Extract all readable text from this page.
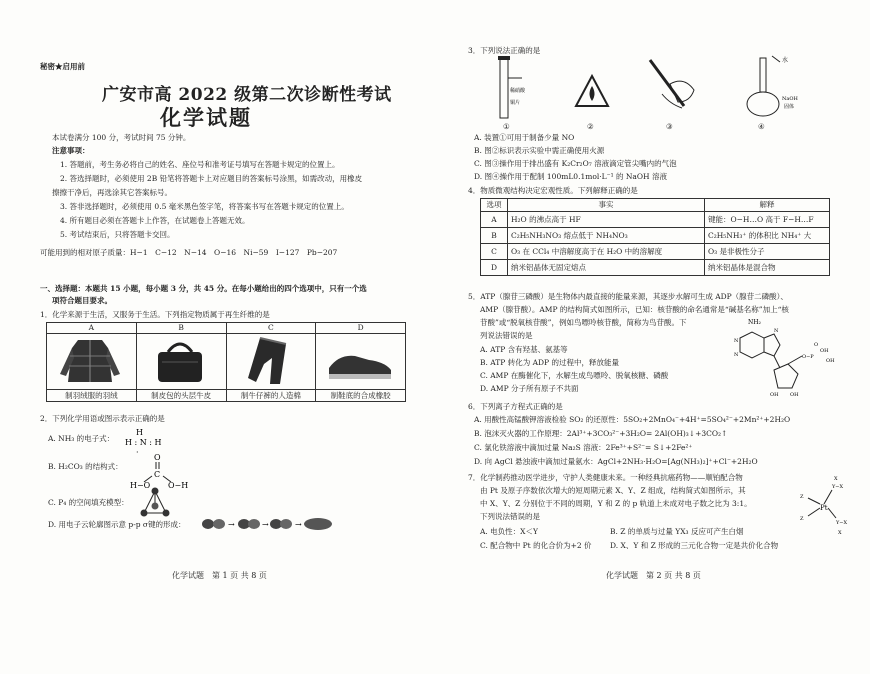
秘密★启用前
广安市高 2022 级第二次诊断性考试
化学试题
本试卷满分 100 分，考试时间 75 分钟。
注意事项：
1. 答题前，考生务必将自己的姓名、座位号和准考证号填写在答题卡规定的位置上。
2. 答选择题时，必须使用 2B 铅笔将答题卡上对应题目的答案标号涂黑，如需改动，用橡皮
擦擦干净后，再选涂其它答案标号。
3. 答非选择题时，必须使用 0.5 毫米黑色签字笔，将答案书写在答题卡规定的位置上。
4. 所有题目必须在答题卡上作答，在试题卷上答题无效。
5. 考试结束后，只将答题卡交回。
可能用到的相对原子质量：H−1　C−12　N−14　O−16　Ni−59　I−127　Pb−207
一、选择题：本题共 15 小题，每小题 3 分，共 45 分。在每小题给出的四个选项中，只有一个选
项符合题目要求。
1．化学来源于生活，又服务于生活。下列指定物质属于再生纤维的是
A	B	C	D

制羽绒服的羽绒	制皮包的头层牛皮	制牛仔裤的人造棉	制鞋底的合成橡胶
2．下列化学用语或图示表示正确的是
A. NH₃ 的电子式：
H
H : N : H
·
B. H₂CO₃ 的结构式：
O
C
H−O O−H
C. P₄ 的空间填充模型：
D. 用电子云轮廓图示意 p-p σ键的形成：	→	→	→
化学试题　第 1 页 共 8 页
3．下列说法正确的是
稀硝酸
铜片
①	②	③
水
NaOH
固体
④
A. 装置①可用于制备少量 NO
B. 图②标识表示实验中需正确使用火源
C. 图③操作用于排出盛有 K₂Cr₂O₇ 溶液滴定管尖嘴内的气泡
D. 图④操作用于配制 100mL0.1mol·L⁻¹ 的 NaOH 溶液
4．物质微观结构决定宏观性质。下列解释正确的是
选项	事实	解释
A	H₂O 的沸点高于 HF	键能：O−H…O 高于 F−H…F
B	C₂H₅NH₃NO₃ 熔点低于 NH₄NO₃	C₂H₅NH₃⁺ 的体积比 NH₄⁺ 大
C	O₃ 在 CCl₄ 中溶解度高于在 H₂O 中的溶解度	O₃ 是非极性分子
D	纳米铝晶体无固定熔点	纳米铝晶体是混合物
5．ATP（腺苷三磷酸）是生物体内最直接的能量来源，其逐步水解可生成 ADP（腺苷二磷酸）、
AMP（腺苷酸）。AMP 的结构简式如图所示，已知：核苷酸的命名通常是“碱基名称”加上“核
苷酸”或“脱氧核苷酸”，例如鸟嘌呤核苷酸，简称为鸟苷酸。下
列说法错误的是
A. ATP 含有羟基、氨基等
B. ATP 转化为 ADP 的过程中，释放能量
C. AMP 在酶催化下，水解生成鸟嘌呤、脱氧核糖、磷酸
D. AMP 分子所有原子不共面
NH₂
N
N
N
OH OH
O−P
OH
OH
O
6．下列离子方程式正确的是
A. 用酸性高锰酸钾溶液检验 SO₂ 的还原性：5SO₂+2MnO₄⁻+4H⁺=5SO₄²⁻+2Mn²⁺+2H₂O
B. 泡沫灭火器的工作原理：2Al³⁺+3CO₃²⁻+3H₂O= 2Al(OH)₃↓+3CO₂↑
C. 氯化铁溶液中滴加过量 Na₂S 溶液：2Fe³⁺+S²⁻= S↓+2Fe²⁺
D. 向 AgCl 悬浊液中滴加过量氨水：AgCl+2NH₃·H₂O=[Ag(NH₃)₂]⁺+Cl⁻+2H₂O
7．化学制药推动医学进步，守护人类健康未来。一种经典抗癌药物——顺铂配合物
由 Pt 及原子序数依次增大的短周期元素 X、Y、Z 组成，结构简式如图所示，其
中 X、Y、Z 分别位于不同的周期，Y 和 Z 的 p 轨道上未成对电子数之比为 3:1。
下列说法错误的是
A. 电负性：X＜Y	B. Z 的单质与过量 YX₃ 反应可产生白烟
C. 配合物中 Pt 的化合价为+2 价 D. X、Y 和 Z 形成的三元化合物一定是共价化合物
Pt
Z
Z
Y−X
Y−X
X
X
化学试题　第 2 页 共 8 页
